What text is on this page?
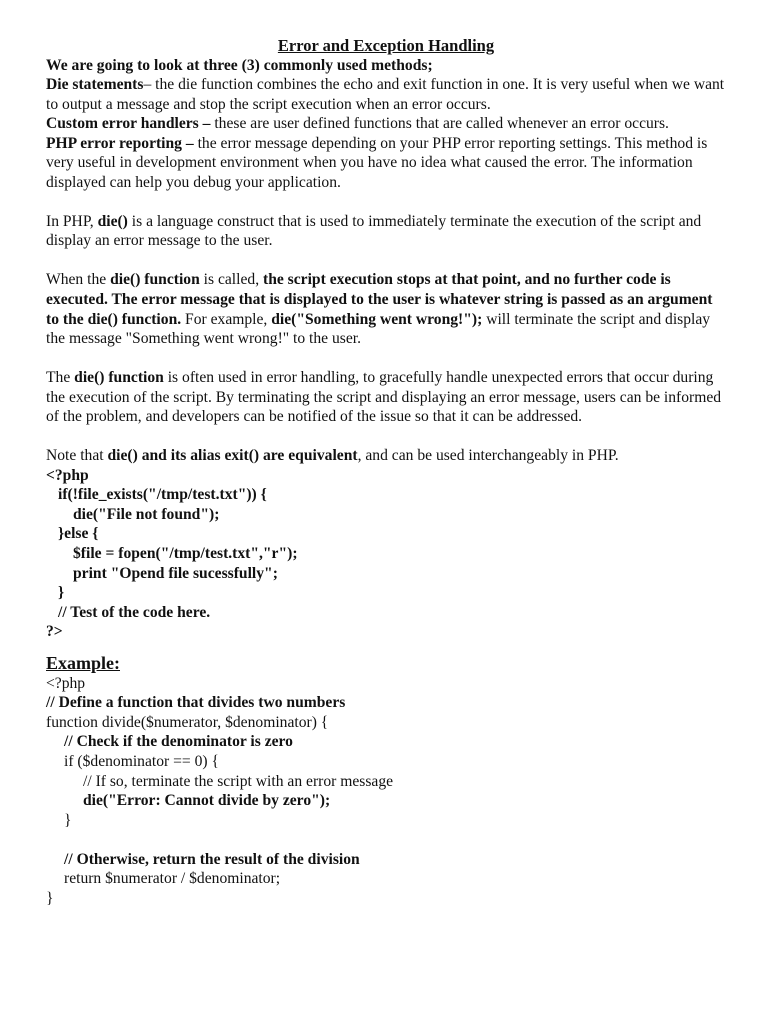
Error and Exception Handling

We are going to look at three (3) commonly used methods;

Die statements– the die function combines the echo and exit function in one. It is very useful when we want to output a message and stop the script execution when an error occurs.

Custom error handlers – these are user defined functions that are called whenever an error occurs.

PHP error reporting – the error message depending on your PHP error reporting settings. This method is very useful in development environment when you have no idea what caused the error. The information displayed can help you debug your application.

In PHP, die() is a language construct that is used to immediately terminate the execution of the script and display an error message to the user.

When the die() function is called, the script execution stops at that point, and no further code is executed. The error message that is displayed to the user is whatever string is passed as an argument to the die() function. For example, die("Something went wrong!"); will terminate the script and display the message "Something went wrong!" to the user.

The die() function is often used in error handling, to gracefully handle unexpected errors that occur during the execution of the script. By terminating the script and displaying an error message, users can be informed of the problem, and developers can be notified of the issue so that it can be addressed.

Note that die() and its alias exit() are equivalent, and can be used interchangeably in PHP.

<?php

if(!file_exists("/tmp/test.txt")) {

die("File not found");

}else {

$file = fopen("/tmp/test.txt","r");

print "Opend file sucessfully";

}

// Test of the code here.

?>

Example:

<?php

// Define a function that divides two numbers

function divide($numerator, $denominator) {

// Check if the denominator is zero

if ($denominator == 0) {

// If so, terminate the script with an error message

die("Error: Cannot divide by zero");

}

// Otherwise, return the result of the division

return $numerator / $denominator;

}
